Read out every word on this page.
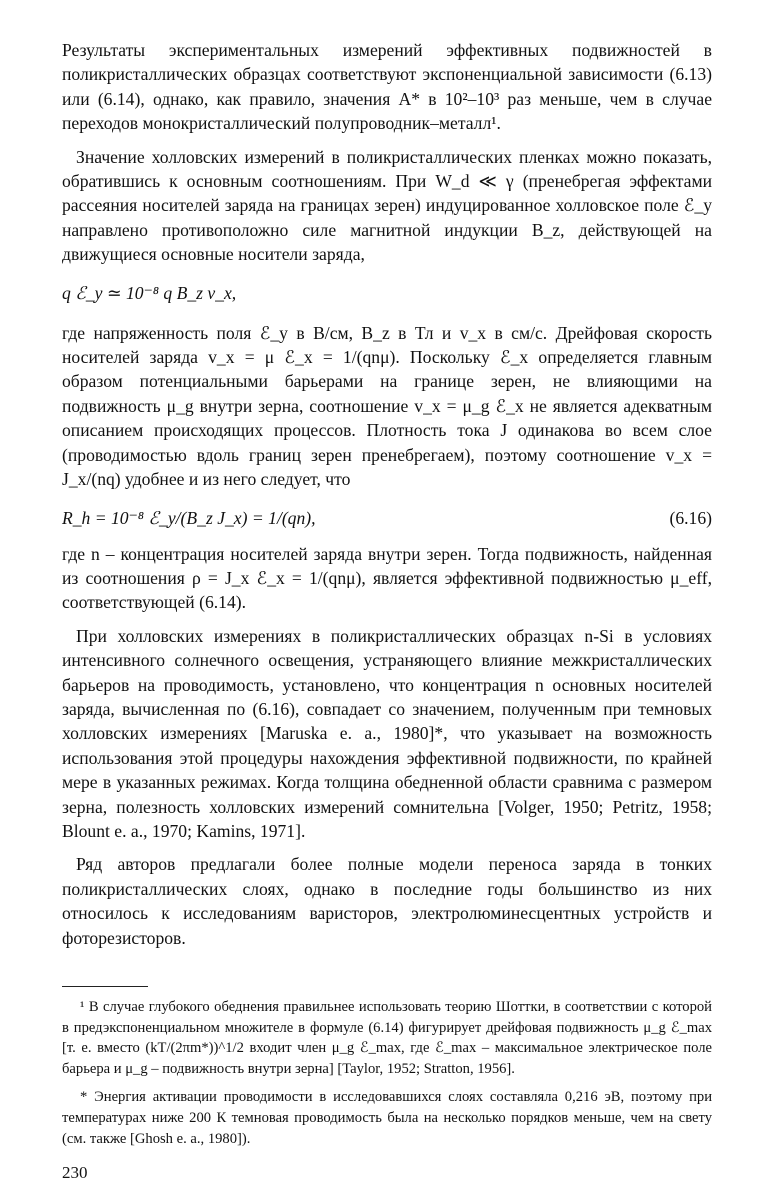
Результаты экспериментальных измерений эффективных подвижностей в поликристаллических образцах соответствуют экспоненциальной зависимости (6.13) или (6.14), однако, как правило, значения A* в 10²–10³ раз меньше, чем в случае переходов монокристаллический полупроводник–металл¹.

Значение холловских измерений в поликристаллических пленках можно показать, обратившись к основным соотношениям. При W_d ≪ γ (пренебрегая эффектами рассеяния носителей заряда на границах зерен) индуцированное холловское поле ℰ_y направлено противоположно силе магнитной индукции B_z, действующей на движущиеся основные носители заряда,

q ℰ_y ≃ 10⁻⁸ q B_z v_x,

где напряженность поля ℰ_y в В/см, B_z в Тл и v_x в см/с. Дрейфовая скорость носителей заряда v_x = μ ℰ_x = 1/(qnμ). Поскольку ℰ_x определяется главным образом потенциальными барьерами на границе зерен, не влияющими на подвижность μ_g внутри зерна, соотношение v_x = μ_g ℰ_x не является адекватным описанием происходящих процессов. Плотность тока J одинакова во всем слое (проводимостью вдоль границ зерен пренебрегаем), поэтому соотношение v_x = J_x/(nq) удобнее и из него следует, что

R_h = 10⁻⁸ ℰ_y/(B_z J_x) = 1/(qn),	(6.16)

где n – концентрация носителей заряда внутри зерен. Тогда подвижность, найденная из соотношения ρ = J_x ℰ_x = 1/(qnμ), является эффективной подвижностью μ_eff, соответствующей (6.14).

При холловских измерениях в поликристаллических образцах n-Si в условиях интенсивного солнечного освещения, устраняющего влияние межкристаллических барьеров на проводимость, установлено, что концентрация n основных носителей заряда, вычисленная по (6.16), совпадает со значением, полученным при темновых холловских измерениях [Maruska e. a., 1980]*, что указывает на возможность использования этой процедуры нахождения эффективной подвижности, по крайней мере в указанных режимах. Когда толщина обедненной области сравнима с размером зерна, полезность холловских измерений сомнительна [Volger, 1950; Petritz, 1958; Blount e. a., 1970; Kamins, 1971].

Ряд авторов предлагали более полные модели переноса заряда в тонких поликристаллических слоях, однако в последние годы большинство из них относилось к исследованиям варисторов, электролюминесцентных устройств и фоторезисторов.

¹ В случае глубокого обеднения правильнее использовать теорию Шоттки, в соответствии с которой в предэкспоненциальном множителе в формуле (6.14) фигурирует дрейфовая подвижность μ_g ℰ_max [т. е. вместо (kT/(2πm*))^1/2 входит член μ_g ℰ_max, где ℰ_max – максимальное электрическое поле барьера и μ_g – подвижность внутри зерна] [Taylor, 1952; Stratton, 1956].

* Энергия активации проводимости в исследовавшихся слоях составляла 0,216 эВ, поэтому при температурах ниже 200 К темновая проводимость была на несколько порядков меньше, чем на свету (см. также [Ghosh e. a., 1980]).

230
